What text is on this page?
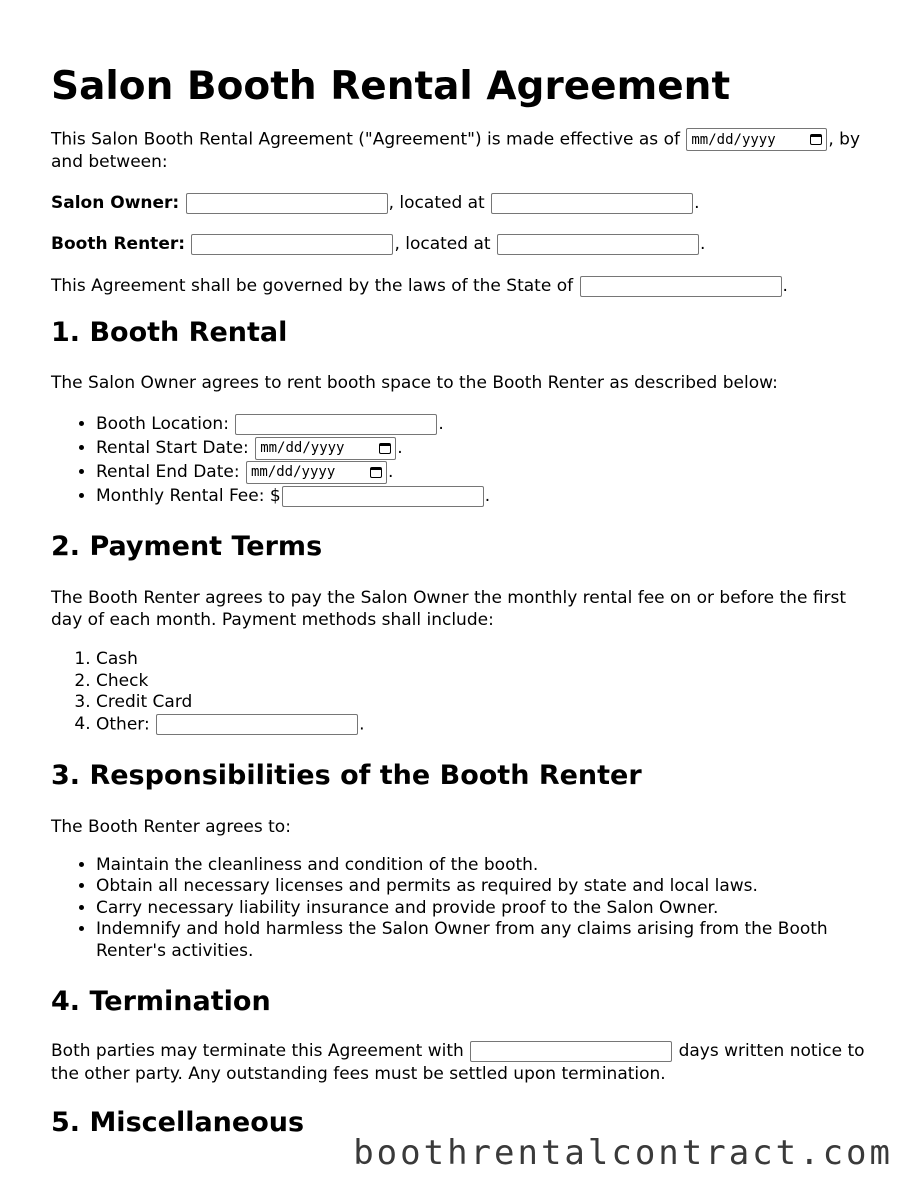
Salon Booth Rental Agreement

This Salon Booth Rental Agreement ("Agreement") is made effective as of mm/dd/yyyy	, by and between:

Salon Owner:	, located at	.

Booth Renter:	, located at	.

This Agreement shall be governed by the laws of the State of	.

1. Booth Rental

The Salon Owner agrees to rent booth space to the Booth Renter as described below:

• Booth Location:	.
• Rental Start Date: mm/dd/yyyy	.
• Rental End Date: mm/dd/yyyy	.
• Monthly Rental Fee: $	.
2. Payment Terms

The Booth Renter agrees to pay the Salon Owner the monthly rental fee on or before the first day of each month. Payment methods shall include:

1. Cash
2. Check
3. Credit Card
4. Other:	.
3. Responsibilities of the Booth Renter

The Booth Renter agrees to:

• Maintain the cleanliness and condition of the booth.
• Obtain all necessary licenses and permits as required by state and local laws.
• Carry necessary liability insurance and provide proof to the Salon Owner.
• Indemnify and hold harmless the Salon Owner from any claims arising from the Booth Renter's activities.
4. Termination

Both parties may terminate this Agreement with	days written notice to the other party. Any outstanding fees must be settled upon termination.

5. Miscellaneous
boothrentalcontract.com
